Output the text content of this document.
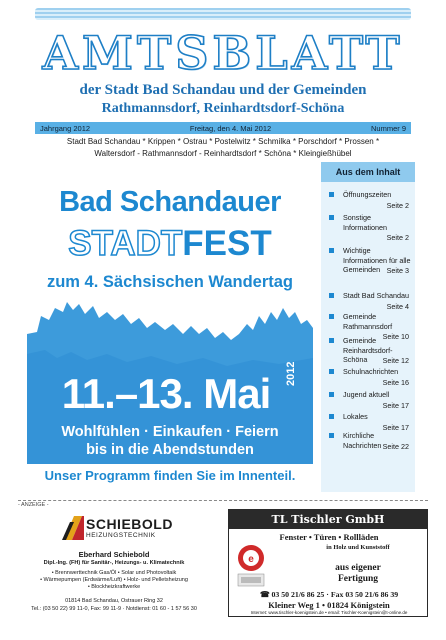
AMTSBLATT
der Stadt Bad Schandau und der Gemeinden
Rathmannsdorf, Reinhardtsdorf-Schöna
Jahrgang 2012	Freitag, den 4. Mai 2012	Nummer 9
Stadt Bad Schandau * Krippen * Ostrau * Postelwitz * Schmilka * Porschdorf * Prossen *
Waltersdorf - Rathmannsdorf - Reinhardtsdorf * Schöna * Kleingießhübel
Bad Schandauer
STADTFEST
zum 4. Sächsischen Wandertag
11.–13. Mai	2012
Wohlfühlen · Einkaufen · Feiern
bis in die Abendstunden
Unser Programm finden Sie im Innenteil.
Aus dem Inhalt
Öffnungszeiten
Seite 2
Sonstige Informationen
Seite 2
Wichtige Informationen für alle Gemeinden Seite 3
Stadt Bad Schandau
Seite 4
Gemeinde Rathmannsdorf
Seite 10
Gemeinde Reinhardtsdorf-Schöna	Seite 12
Schulnachrichten
Seite 16
Jugend aktuell
Seite 17
Lokales
Seite 17
Kirchliche Nachrichten Seite 22
- ANZEIGE -
SCHIEBOLD
HEIZUNGSTECHNIK
Eberhard Schiebold
Dipl.-Ing. (FH) für Sanitär-, Heizungs- u. Klimatechnik
• Brennwerttechnik Gas/Öl • Solar und Photovoltaik
• Wärmepumpen (Erdwärme/Luft) • Holz- und Pelletsheizung
• Blockheizkraftwerke
01814 Bad Schandau, Ostrauer Ring 32
Tel.: (03 50 22) 99 11-0, Fax: 99 11-9 · Notdienst: 01 60 - 1 57 56 30
TL Tischler GmbH
Fenster • Türen • Rollläden
in Holz und Kunststoff
e
aus eigener
Fertigung
☎ 03 50 21/6 86 25 · Fax 03 50 21/6 86 39
Kleiner Weg 1 • 01824 Königstein
Internet: www.tischler-koenigstein.de • email: Tischler-Koenigstein@t-online.de
